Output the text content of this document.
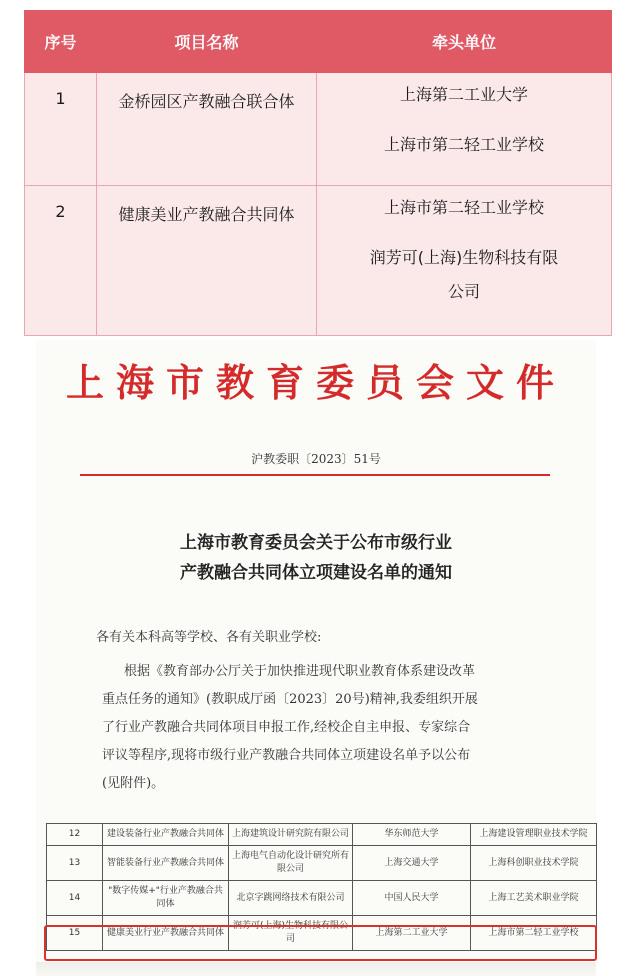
序号	项目名称	牵头单位
1	金桥园区产教融合联合体	上海第二工业大学
上海市第二轻工业学校

2	健康美业产教融合共同体	上海市第二轻工业学校
润芳可(上海)生物科技有限
公司
上海市教育委员会文件
沪教委职〔2023〕51号
上海市教育委员会关于公布市级行业
产教融合共同体立项建设名单的通知
各有关本科高等学校、各有关职业学校:
根据《教育部办公厅关于加快推进现代职业教育体系建设改革
重点任务的通知》(教职成厅函〔2023〕20号)精神,我委组织开展
了行业产教融合共同体项目申报工作,经校企自主申报、专家综合
评议等程序,现将市级行业产教融合共同体立项建设名单予以公布
(见附件)。
12	建设装备行业产教融合共同体	上海建筑设计研究院有限公司	华东师范大学	上海建设管理职业技术学院
13	智能装备行业产教融合共同体	上海电气自动化设计研究所有限公司	上海交通大学	上海科创职业技术学院
14	"数字传媒+"行业产教融合共同体	北京字跳网络技术有限公司	中国人民大学	上海工艺美术职业学院
15	健康美业行业产教融合共同体	润芳可(上海)生物科技有限公司	上海第二工业大学	上海市第二轻工业学校
